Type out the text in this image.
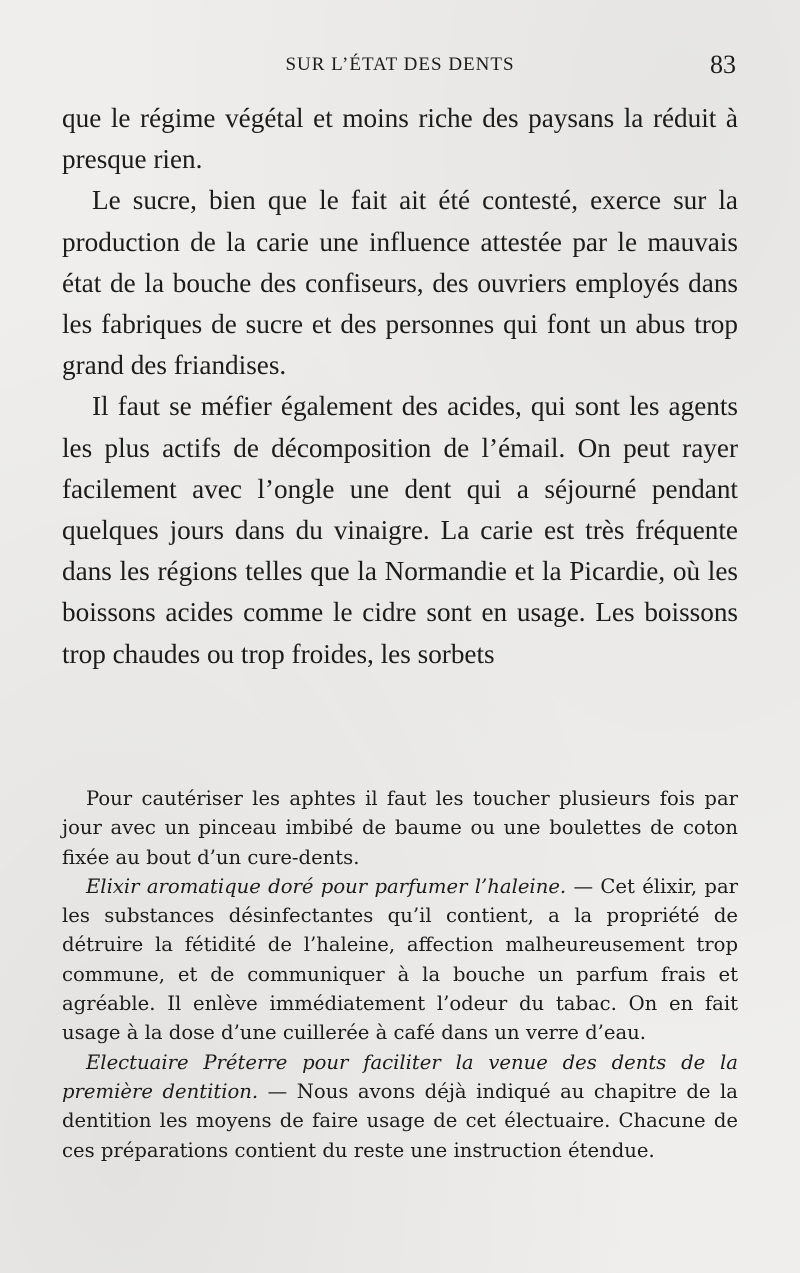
SUR L’ÉTAT DES DENTS	83

que le régime végétal et moins riche des paysans la réduit à presque rien.

Le sucre, bien que le fait ait été contesté, exerce sur la production de la carie une influence attestée par le mauvais état de la bouche des confiseurs, des ouvriers employés dans les fabriques de sucre et des personnes qui font un abus trop grand des friandises.

Il faut se méfier également des acides, qui sont les agents les plus actifs de décomposition de l’émail. On peut rayer facilement avec l’ongle une dent qui a séjourné pendant quelques jours dans du vinaigre. La carie est très fréquente dans les régions telles que la Normandie et la Picardie, où les boissons acides comme le cidre sont en usage. Les boissons trop chaudes ou trop froides, les sorbets

Pour cautériser les aphtes il faut les toucher plusieurs fois par jour avec un pinceau imbibé de baume ou une boulettes de coton fixée au bout d’un cure-dents.

Elixir aromatique doré pour parfumer l’haleine. — Cet élixir, par les substances désinfectantes qu’il contient, a la propriété de détruire la fétidité de l’haleine, affection malheureusement trop commune, et de communiquer à la bouche un parfum frais et agréable. Il enlève immédiatement l’odeur du tabac. On en fait usage à la dose d’une cuillerée à café dans un verre d’eau.

Electuaire Préterre pour faciliter la venue des dents de la première dentition. — Nous avons déjà indiqué au chapitre de la dentition les moyens de faire usage de cet électuaire. Chacune de ces préparations contient du reste une instruction étendue.
